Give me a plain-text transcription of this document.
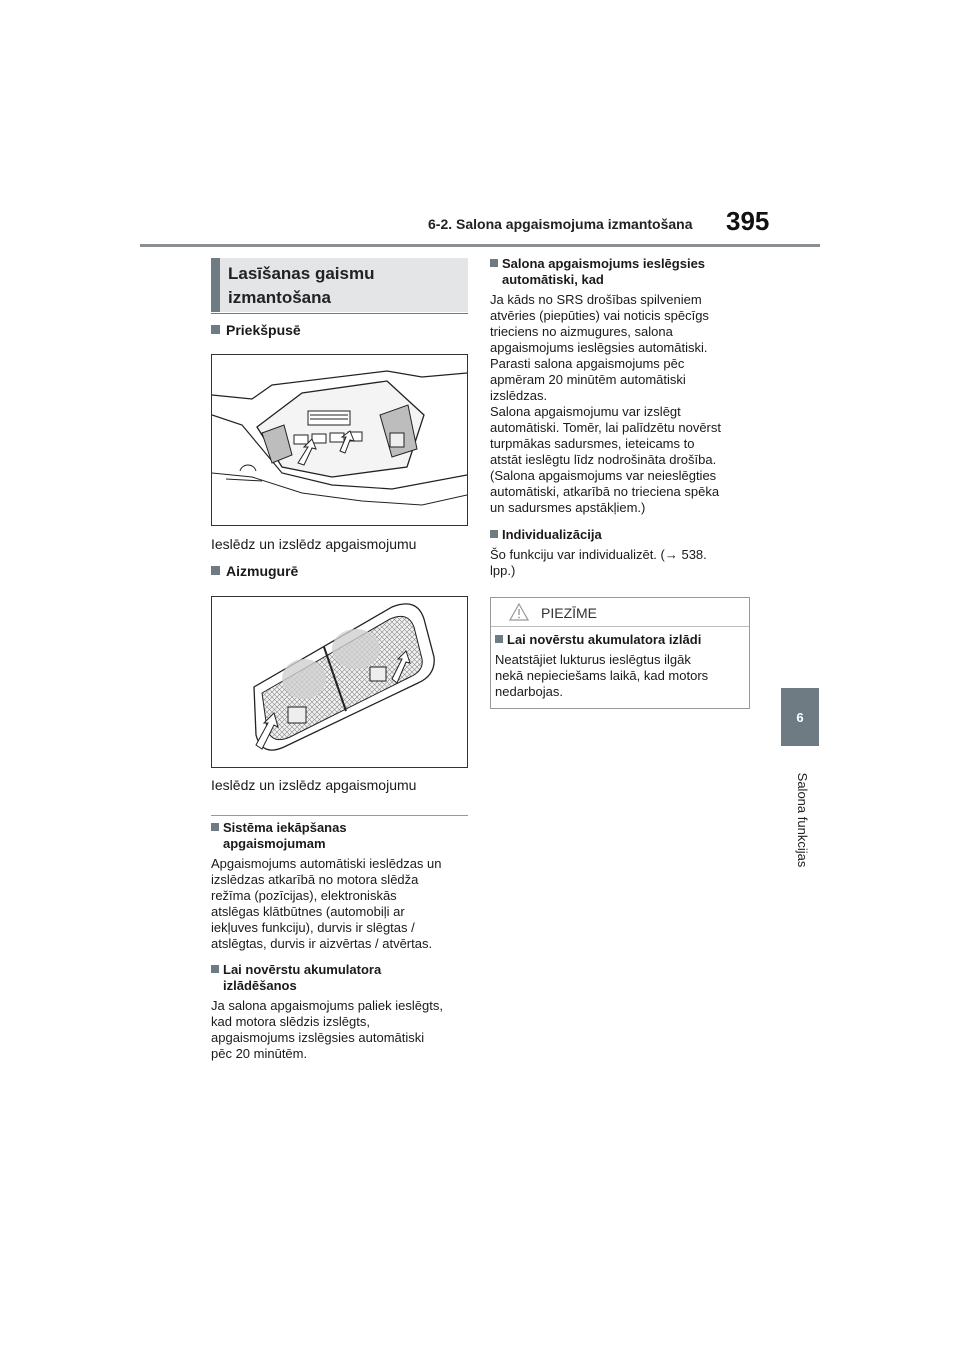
6-2. Salona apgaismojuma izmantošana 395
6
Salona funkcijas
Lasīšanas gaismu
izmantošana
Priekšpusē
Ieslēdz un izslēdz apgaismojumu
Aizmugurē
Ieslēdz un izslēdz apgaismojumu
Sistēma iekāpšanas
apgaismojumam
Apgaismojums automātiski ieslēdzas un
izslēdzas atkarībā no motora slēdža
režīma (pozīcijas), elektroniskās
atslēgas klātbūtnes (automobiļi ar
iekļuves funkciju), durvis ir slēgtas /
atslēgtas, durvis ir aizvērtas / atvērtas.
Lai novērstu akumulatora
izlādēšanos
Ja salona apgaismojums paliek ieslēgts,
kad motora slēdzis izslēgts,
apgaismojums izslēgsies automātiski
pēc 20 minūtēm.
Salona apgaismojums ieslēgsies
automātiski, kad
Ja kāds no SRS drošības spilveniem
atvēries (piepūties) vai noticis spēcīgs
trieciens no aizmugures, salona
apgaismojums ieslēgsies automātiski.
Parasti salona apgaismojums pēc
apmēram 20 minūtēm automātiski
izslēdzas.
Salona apgaismojumu var izslēgt
automātiski. Tomēr, lai palīdzētu novērst
turpmākas sadursmes, ieteicams to
atstāt ieslēgtu līdz nodrošināta drošība.
(Salona apgaismojums var neieslēgties
automātiski, atkarībā no trieciena spēka
un sadursmes apstākļiem.)
Individualizācija
Šo funkciju var individualizēt. (→ 538.
lpp.)
PIEZĪME
Lai novērstu akumulatora izlādi
Neatstājiet lukturus ieslēgtus ilgāk
nekā nepieciešams laikā, kad motors
nedarbojas.
